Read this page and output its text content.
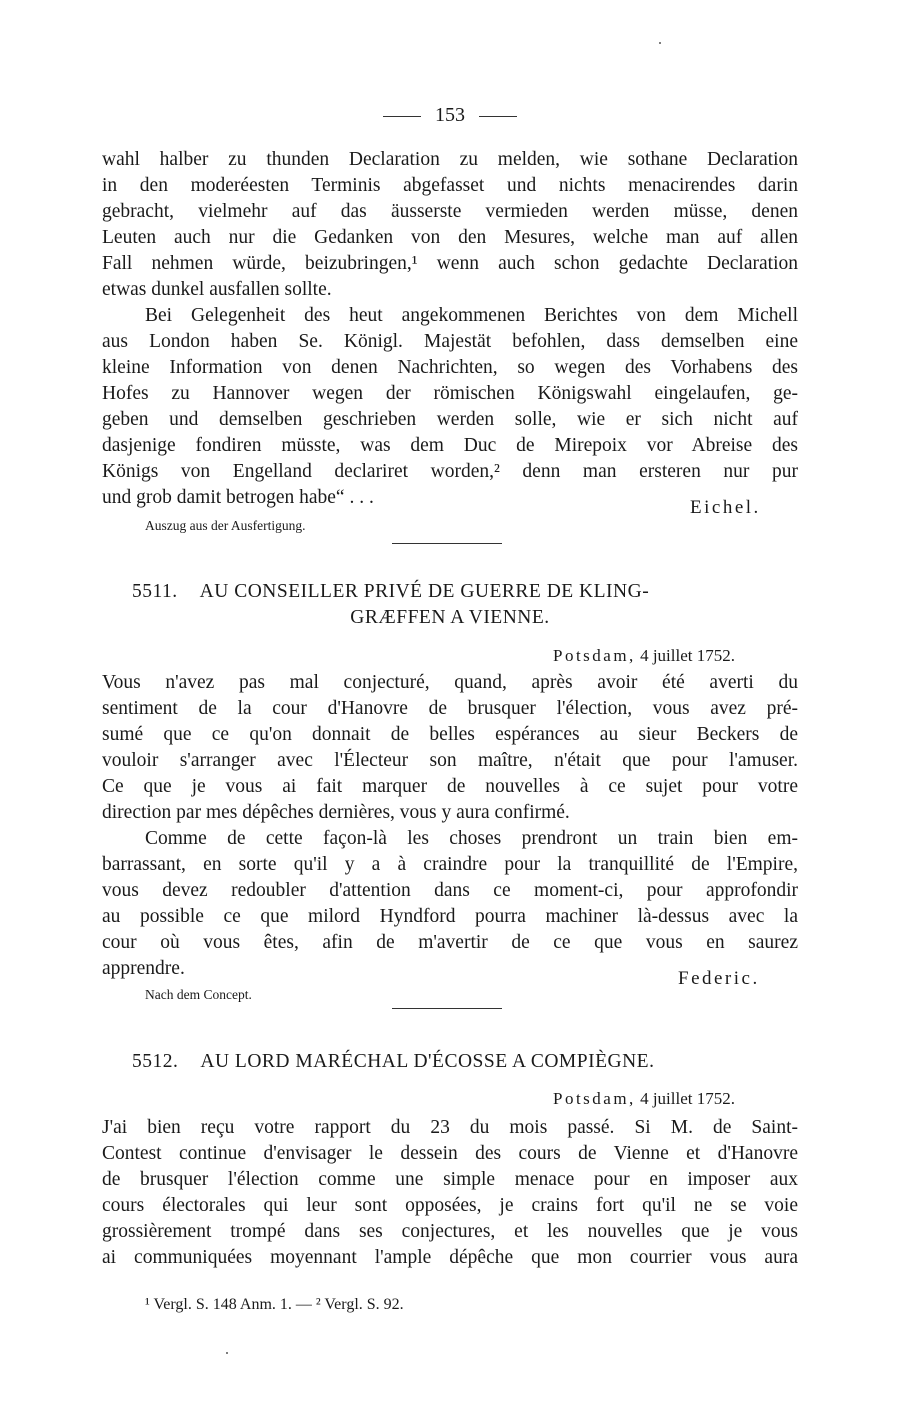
153
wahl halber zu thunden Declaration zu melden, wie sothane Declaration
in den moderéesten Terminis abgefasset und nichts menacirendes darin
gebracht, vielmehr auf das äusserste vermieden werden müsse, denen
Leuten auch nur die Gedanken von den Mesures, welche man auf allen
Fall nehmen würde, beizubringen,¹ wenn auch schon gedachte Declaration
etwas dunkel ausfallen sollte.
Bei Gelegenheit des heut angekommenen Berichtes von dem Michell
aus London haben Se. Königl. Majestät befohlen, dass demselben eine
kleine Information von denen Nachrichten, so wegen des Vorhabens des
Hofes zu Hannover wegen der römischen Königswahl eingelaufen, ge-
geben und demselben geschrieben werden solle, wie er sich nicht auf
dasjenige fondiren müsste, was dem Duc de Mirepoix vor Abreise des
Königs von Engelland declariret worden,² denn man ersteren nur pur
und grob damit betrogen habe“ . . .	Eichel.
Auszug aus der Ausfertigung.
5511. AU CONSEILLER PRIVÉ DE GUERRE DE KLING-
GRÆFFEN A VIENNE.
Potsdam, 4 juillet 1752.
Vous n'avez pas mal conjecturé, quand, après avoir été averti du
sentiment de la cour d'Hanovre de brusquer l'élection, vous avez pré-
sumé que ce qu'on donnait de belles espérances au sieur Beckers de
vouloir s'arranger avec l'Électeur son maître, n'était que pour l'amuser.
Ce que je vous ai fait marquer de nouvelles à ce sujet pour votre
direction par mes dépêches dernières, vous y aura confirmé.
Comme de cette façon-là les choses prendront un train bien em-
barrassant, en sorte qu'il y a à craindre pour la tranquillité de l'Empire,
vous devez redoubler d'attention dans ce moment-ci, pour approfondir
au possible ce que milord Hyndford pourra machiner là-dessus avec la
cour où vous êtes, afin de m'avertir de ce que vous en saurez
apprendre.	Federic.
Nach dem Concept.
5512. AU LORD MARÉCHAL D'ÉCOSSE A COMPIÈGNE.
Potsdam, 4 juillet 1752.
J'ai bien reçu votre rapport du 23 du mois passé. Si M. de Saint-
Contest continue d'envisager le dessein des cours de Vienne et d'Hanovre
de brusquer l'élection comme une simple menace pour en imposer aux
cours électorales qui leur sont opposées, je crains fort qu'il ne se voie
grossièrement trompé dans ses conjectures, et les nouvelles que je vous
ai communiquées moyennant l'ample dépêche que mon courrier vous aura
¹ Vergl. S. 148 Anm. 1. — ² Vergl. S. 92.
